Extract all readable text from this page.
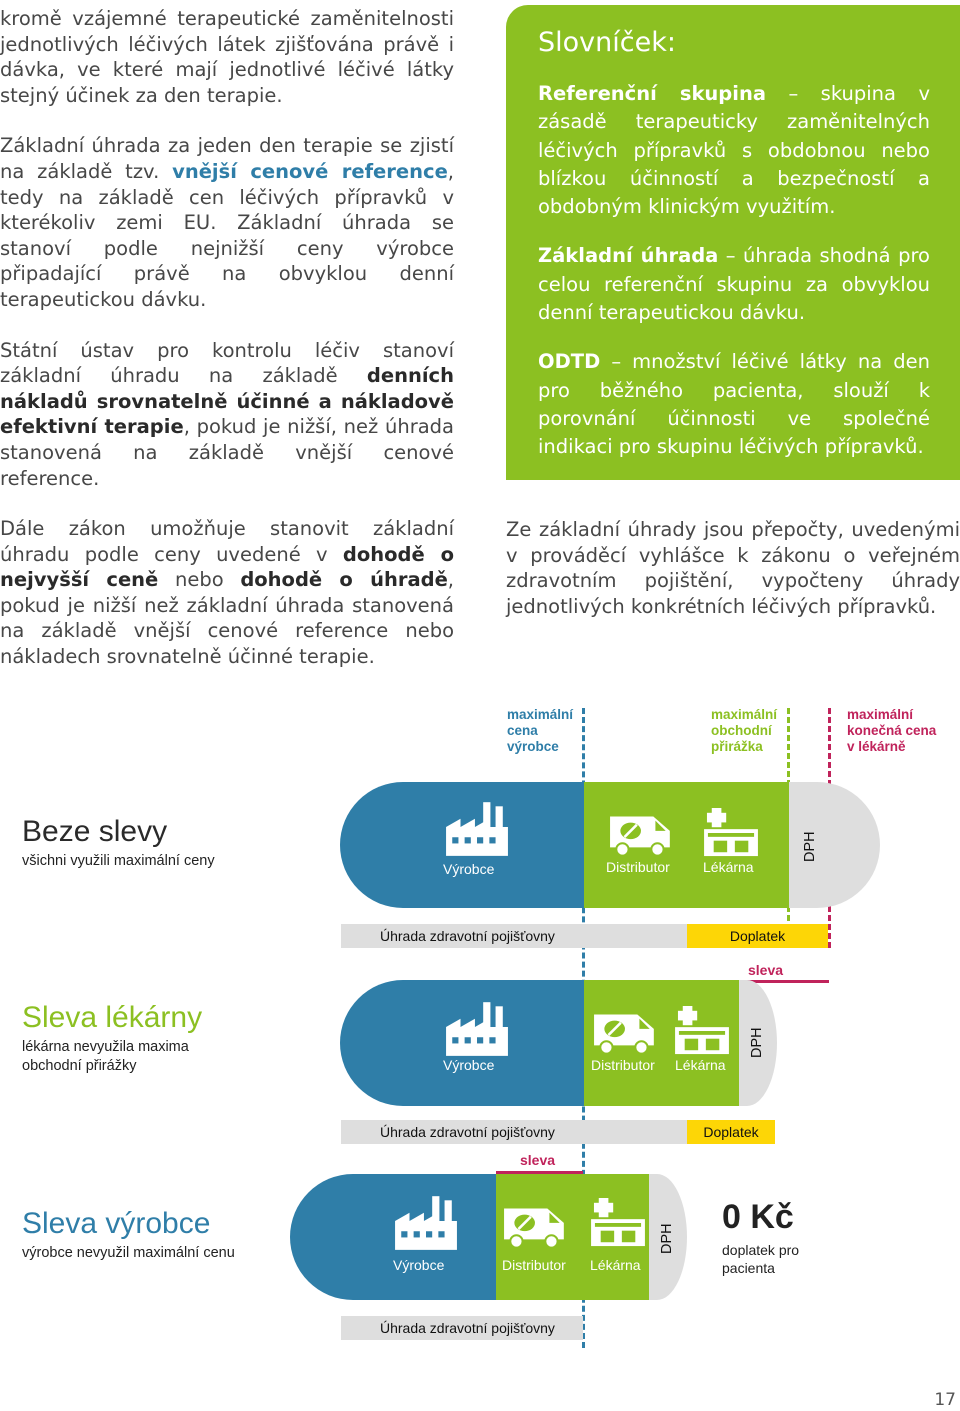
kromě vzájemné terapeutické zaměnitelnosti jednotlivých léčivých látek zjišťována právě i dávka, ve které mají jednotlivé léčivé látky stejný účinek za den terapie.

Základní úhrada za jeden den terapie se zjistí na základě tzv. vnější cenové reference, tedy na základě cen léčivých přípravků v kterékoliv zemi EU. Základní úhrada se stanoví podle nejnižší ceny výrobce připadající právě na obvyklou denní terapeutickou dávku.

Státní ústav pro kontrolu léčiv stanoví základní úhradu na základě denních nákladů srovnatelně účinné a nákladově efektivní terapie, pokud je nižší, než úhrada stanovená na základě vnější cenové reference.

Dále zákon umožňuje stanovit základní úhradu podle ceny uvedené v dohodě o nejvyšší ceně nebo dohodě o úhradě, pokud je nižší než základní úhrada stanovená na základě vnější cenové reference nebo nákladech srovnatelně účinné terapie.

Slovníček:

Referenční skupina – skupina v zásadě terapeuticky zaměnitelných léčivých přípravků s obdobnou nebo blízkou účinností a bezpečností a obdobným klinickým využitím.

Základní úhrada – úhrada shodná pro celou referenční skupinu za obvyklou denní terapeutickou dávku.

ODTD – množství léčivé látky na den pro běžného pacienta, slouží k porovnání účinnosti ve společné indikaci pro skupinu léčivých přípravků.

Ze základní úhrady jsou přepočty, uvedenými v prováděcí vyhlášce k zákonu o veřejném zdravotním pojištění, vypočteny úhrady jednotlivých konkrétních léčivých přípravků.

maximální
cena
výrobce
maximální
obchodní
přirážka
maximální
konečná cena
v lékárně
Beze slevy
všichni využili maximální ceny	Výrobce	Distributor Lékárna
DPH
Úhrada zdravotní pojišťovny	Doplatek
sleva
Sleva lékárny
lékárna nevyužila maxima obchodní přirážky	Výrobce	Distributor Lékárna
DPH
Úhrada zdravotní pojišťovny	Doplatek
sleva
Sleva výrobce
výrobce nevyužil maximální cenu
Výrobce	Distributor Lékárna
DPH
0 Kč
doplatek pro pacienta
Úhrada zdravotní pojišťovny
17
